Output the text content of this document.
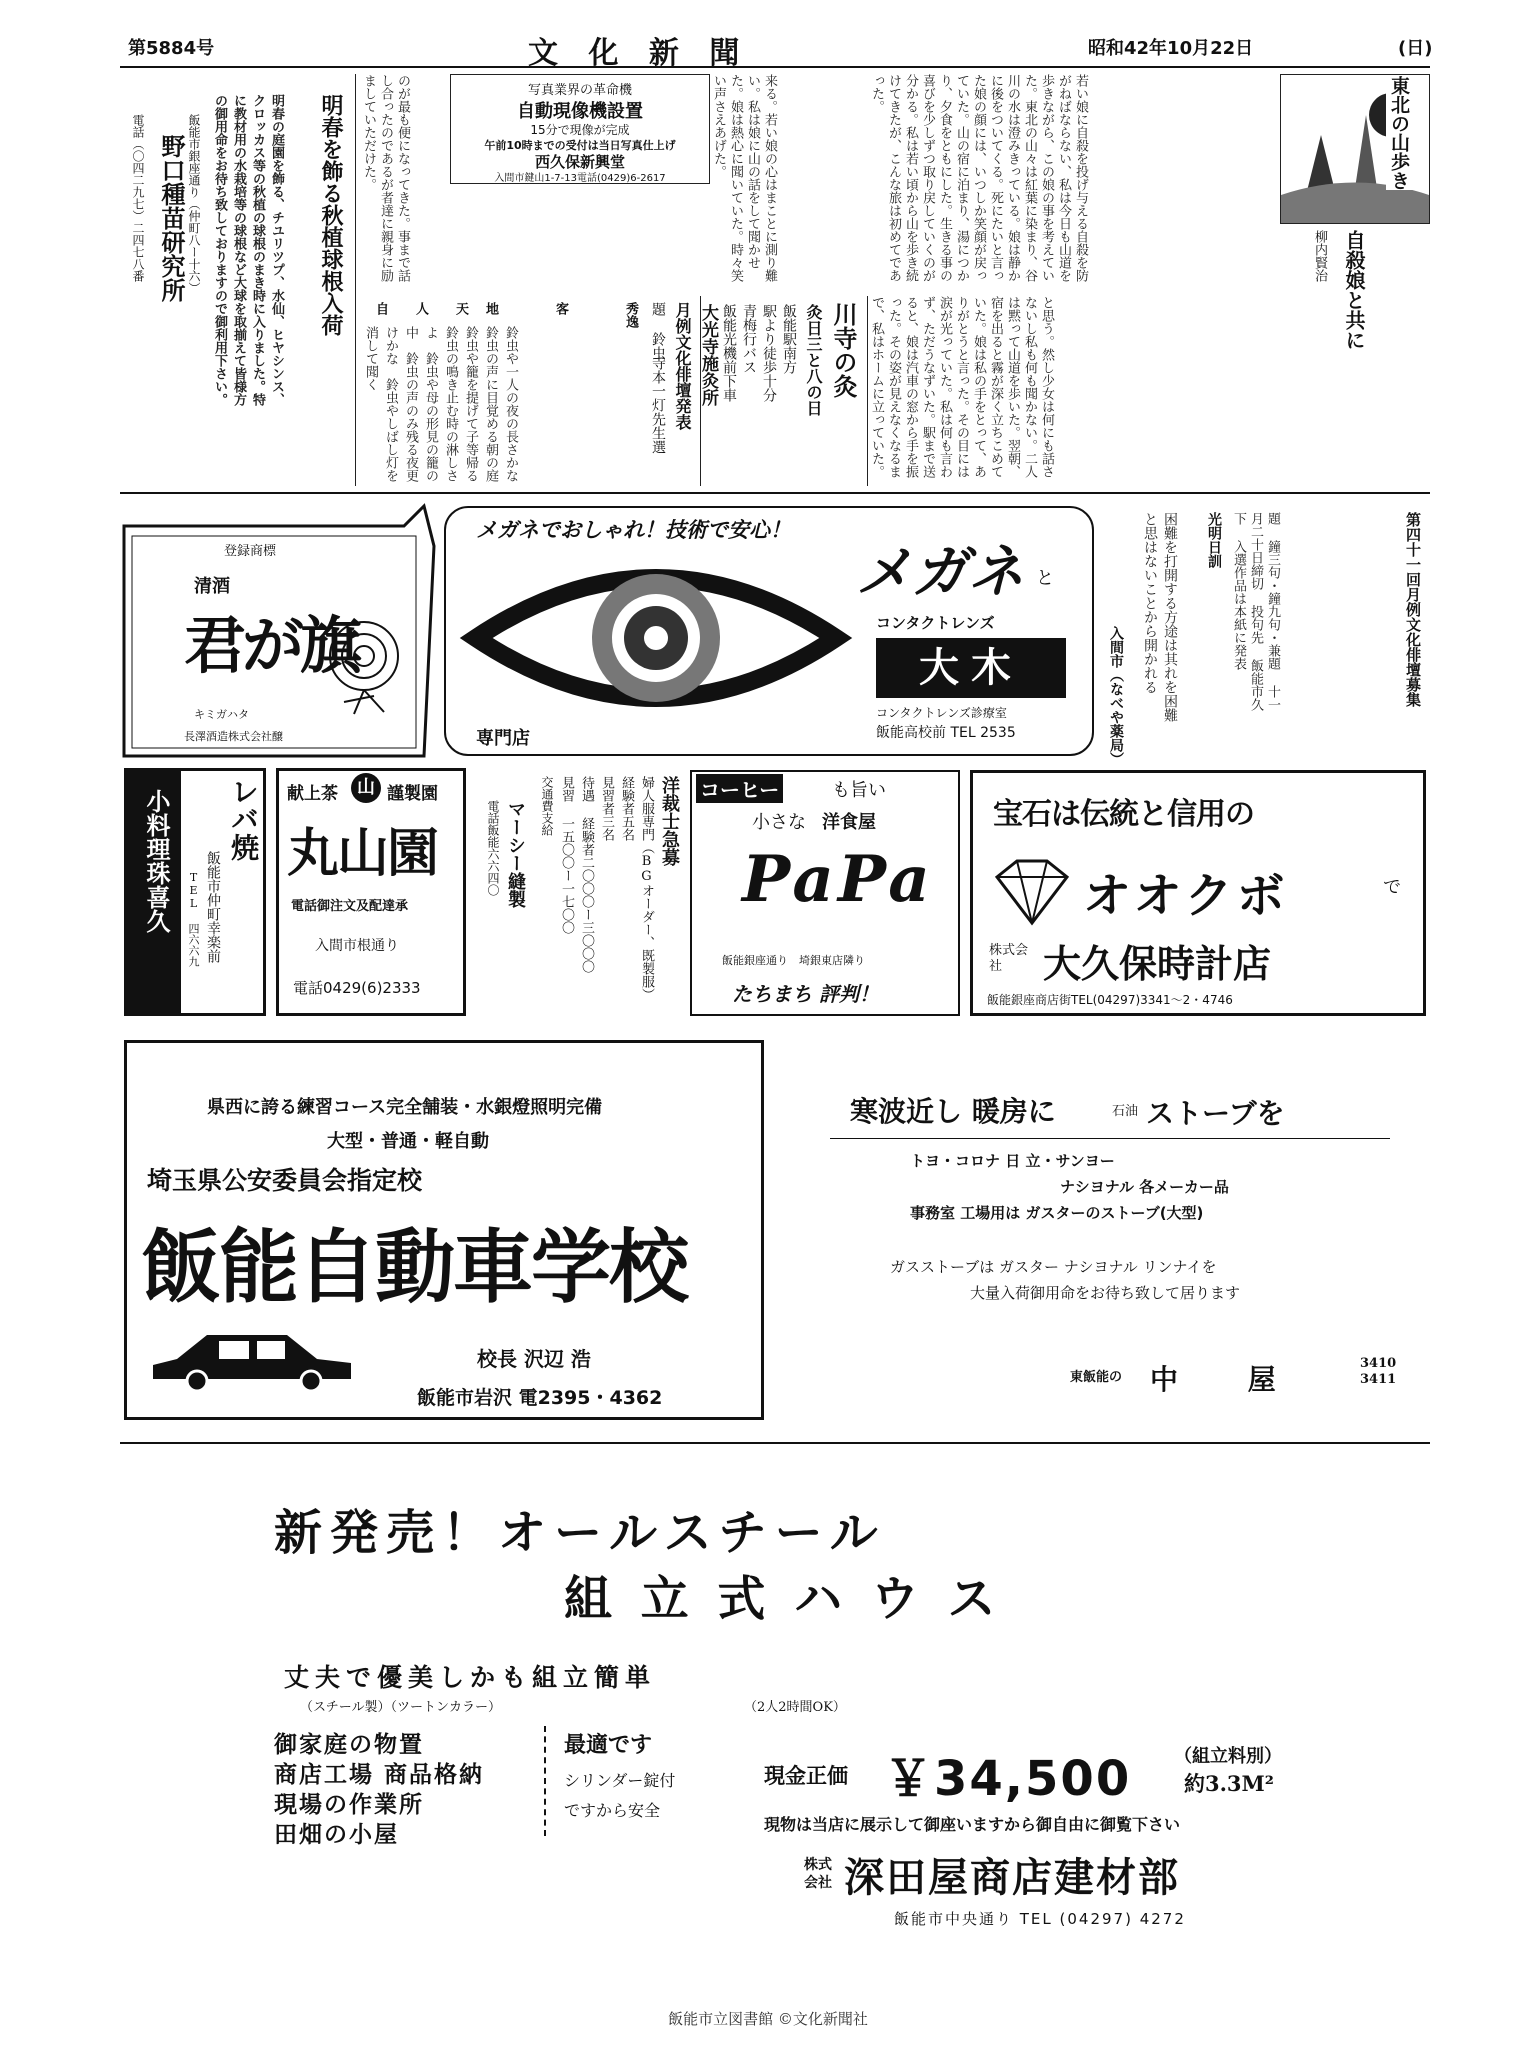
第5884号	文 化 新 聞	昭和42年10月22日	(日)
東北の山歩き
自殺娘と共に
柳内賢治
若い娘に自殺を投げ与える自殺を防がねばならない、私は今日も山道を歩きながら、この娘の事を考えていた。東北の山々は紅葉に染まり、谷川の水は澄みきっている。娘は静かに後をついてくる。死にたいと言った娘の顔には、いつしか笑顔が戻っていた。山の宿に泊まり、湯につかり、夕食をともにした。生きる事の喜びを少しずつ取り戻していくのが分かる。私は若い頃から山を歩き続けてきたが、こんな旅は初めてであった。
と思う。然し少女は何にも話さないし私も何も聞かない。二人は黙って山道を歩いた。翌朝、宿を出ると霧が深く立ちこめていた。娘は私の手をとって、ありがとうと言った。その目には涙が光っていた。私は何も言わず、ただうなずいた。駅まで送ると、娘は汽車の窓から手を振った。その姿が見えなくなるまで、私はホームに立っていた。
川寺の灸
灸日三と八の日
飯能駅南方
駅より徒歩十分
青梅行バス
飯能光機前下車
大光寺施灸所
月例文化俳壇発表
題 鈴虫
寺本一灯先生選
秀逸
客
地
天
人
自
鈴虫や一人の夜の長さかな　鈴虫の声に目覚める朝の庭　鈴虫や籠を提げて子等帰る　鈴虫の鳴き止む時の淋しさよ　鈴虫や母の形見の籠の中　鈴虫の声のみ残る夜更けかな　鈴虫やしばし灯を消して聞く
写真業界の革命機
自動現像機設置
15分で現像が完成
午前10時までの受付は当日写真仕上げ
西久保新興堂
入間市鍵山1-7-13電話(0429)6-2617	来る。若い娘の心はまことに測り難い。私は娘に山の話をして聞かせた。娘は熱心に聞いていた。時々笑い声さえあげた。
のが最も便になってきた。事まで話し合ったのであるが者達に親身に励ましていただけた。
明春を飾る秋植球根入荷
明春の庭園を飾る、チユリツプ、水仙、ヒヤシンス、クロッカス等の秋植の球根のまき時に入りました。特に教材用の水栽培等の球根など大球を取揃えて皆様方の御用命をお待ち致しておりますので御利用下さい。
飯能市銀座通り（仲町八ー十六）
野口種苗研究所
電話（〇四二九七）二四七八番
登録商標
清酒
君が旗
キミガハタ
長澤酒造株式会社醸
メガネでおしゃれ！技術で安心！
専門店
メガネ と
コンタクトレンズ
大木
コンタクトレンズ診療室
飯能高校前 TEL 2535
第四十一回月例文化俳壇募集
題 鐘三句・鐘九句・兼題 十一月二十日締切 投句先 飯能市久下 入選作品は本紙に発表
光明日訓
困難を打開する方途は其れを困難と思はないことから開かれる
入間市（なべや薬局）
小料理珠喜久 レバ焼
飯能市仲町幸楽前
TEL 四六六九
献上茶	山 謹製園
丸山園
電話御注文及配達承
入間市根通り
電話0429(6)2333
洋裁士急募
婦人服専門（BGオーダー、既製服）
経験者五名
見習者三名
待遇 経験者二〇〇〇ー三〇〇〇
見習 一五〇〇ー一七〇〇
交通費支給
マーシー縫製
電話飯能六六四〇
コーヒー	も旨い
小さな 洋食屋
PaPa
飯能銀座通り　埼銀東店隣り
たちまち 評判！
宝石は伝統と信用の
オオクボ	で
株式会社	大久保時計店
飯能銀座商店街TEL(04297)3341～2・4746
県西に誇る練習コース完全舗装・水銀燈照明完備
大型・普通・軽自動
埼玉県公安委員会指定校
飯能自動車学校
校長 沢辺 浩
飯能市岩沢 電2395・4362
寒波近し 暖房に	石油 ストーブを
トヨ・コロナ 日 立・サンヨー
ナシヨナル 各メーカー品
事務室 工場用は ガスターのストーブ(大型)
ガスストーブは ガスター ナシヨナル リンナイを
大量入荷御用命をお待ち致して居ります
東飯能の 中 屋	3410
3411
新発売！オールスチール
組 立 式 ハ ウ ス
丈夫で優美しかも組立簡単
（スチール製）（ツートンカラー）	（2人2時間OK）
御家庭の物置
商店工場 商品格納
現場の作業所
田畑の小屋
最適です
シリンダー錠付
ですから安全
現金正価 ￥34,500 （組立料別）
約3.3M²
現物は当店に展示して御座いますから御自由に御覧下さい
株式会社 深田屋商店建材部
飯能市中央通り TEL (04297) 4272
飯能市立図書館 ©文化新聞社
